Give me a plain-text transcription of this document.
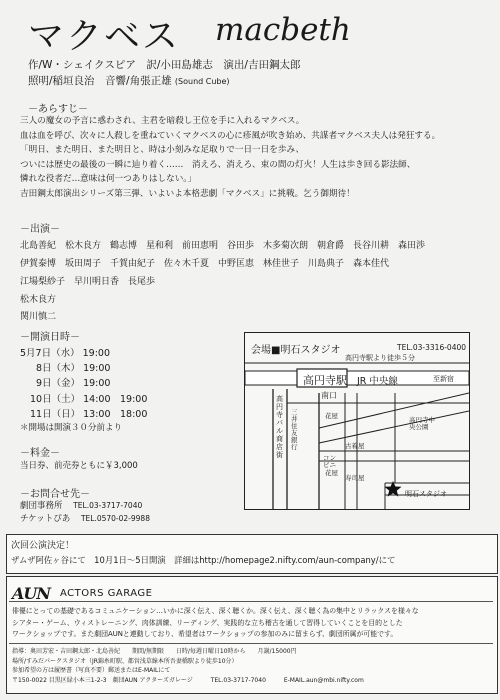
マクベス macbeth
作/W・シェイクスピア　訳/小田島雄志　演出/吉田鋼太郎
照明/稲垣良治　音響/角張正雄 (Sound Cube)
－あらすじ－
三人の魔女の予言に惑わされ、主君を暗殺し王位を手に入れるマクベス。
血は血を呼び、次々に人殺しを重ねていくマクベスの心に疹風が吹き始め、共謀者マクベス夫人は発狂する。
「明日、また明日、また明日と、時は小刻みな足取りで一日一日を歩み、
ついには歴史の最後の一瞬に辿り着く……　消えろ、消えろ、束の間の灯火！人生は歩き回る影法師、
憐れな役者だ…意味は何一つありはしない。」
吉田鋼太郎演出シリーズ第三弾、いよいよ本格悲劇「マクベス」に挑戦。乞う御期待！
－出演－
北島善紀　松木良方　鶴志博　星和利　前田恵明　谷田歩　木多菊次朗　朝倉爵　長谷川耕　森田渉
伊賀泰博　坂田周子　千賀由紀子　佐々木千夏　中野匡恵　林佳世子　川島典子　森本佳代
江場梨紗子　早川明日香　長尾歩
松木良方
関川慎二
－開演日時－
5月7日（水） 19:00
8日（木） 19:00
9日（金） 19:00
10日（土） 14:00　19:00
11日（日） 13:00　18:00
＊開場は開演３０分前より
－料金－
当日券、前売券ともに￥3,000
－お問合せ先－
劇団事務所 TEL.03-3717-7040
チケットぴあ TEL.0570-02-9988
会場■明石スタジオ	TEL.03-3316-0400
高円寺駅より徒歩５分
高円寺駅 JR 中央線	至新宿
南口
高円寺パル商店街
三井住友銀行
花屋
コンビニ
花屋
古着屋
寿司屋
高円寺中央公園
明石スタジオ
次回公演決定！
ザムザ阿佐ヶ谷にて　10月1日～5日開演　詳細はhttp://homepage2.nifty.com/aun-company/にて
AUN ACTORS GARAGE
俳優にとっての基礎であるコミュニケーション…いかに深く伝え、深く聴くか。深く伝え、深く聴く為の集中とリラックスを様々な
シアター・ゲーム、ウィストレーニング、肉体訓練、リーディング、実践的な立ち稽古を通して習得していくことを目的とした
ワークショップです。また劇団AUNと連動しており、希望者はワークショップの参加のみに留まらず、劇団所属が可能です。
指導：奥田芳宏・吉田鋼太郎・北島善紀 期間/無期限 日時/毎週日曜日10時から 月謝/15000円
場所/すみだパークスタジオ（JR錦糸町駅、都営浅草線本所吾妻橋駅より徒歩10分）
参加希望の方は履歴書（写真不要）郵送またはE-MAILにて
〒150-0022 目黒区緑小本三1-2-3　劇団AUN アクターズガレージ	TEL.03-3717-7040	E-MAIL.aun@mbi.nifty.com
